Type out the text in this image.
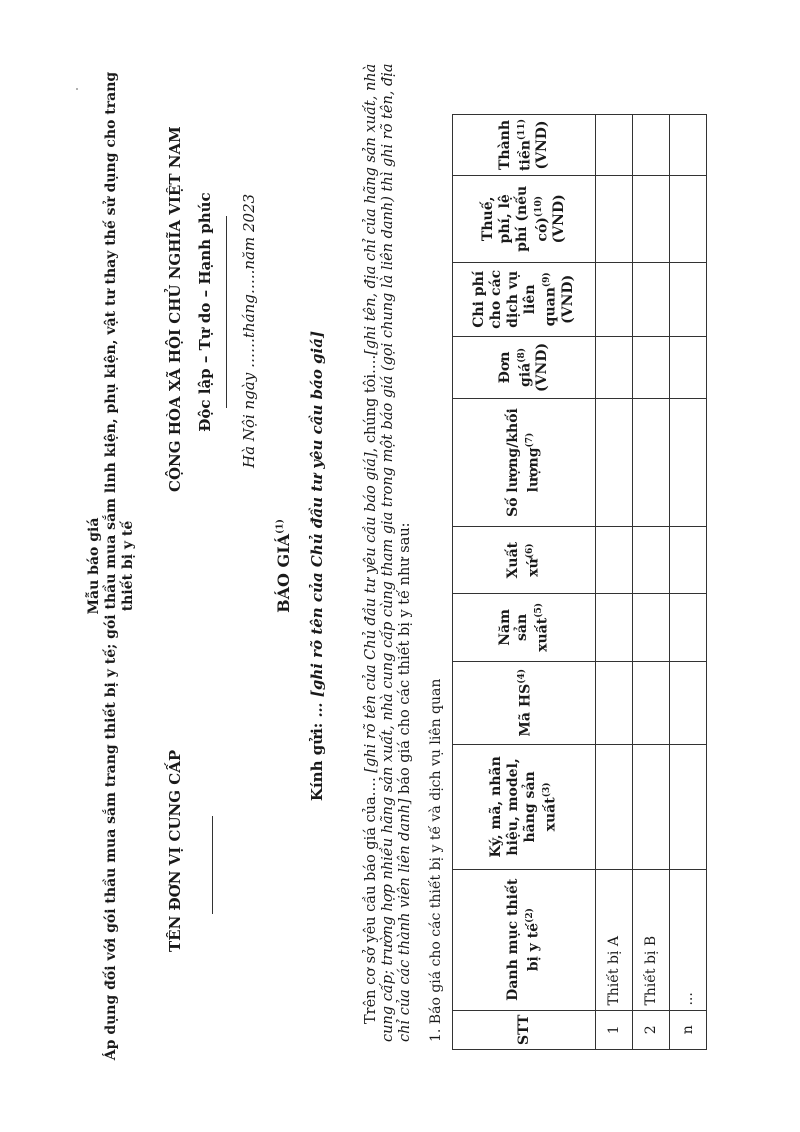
Mẫu báo giá Áp dụng đối với gói thầu mua sắm trang thiết bị y tế; gói thầu mua sắm linh kiện, phụ kiện, vật tư thay thế sử dụng cho trang thiết bị y tế
TÊN ĐƠN VỊ CUNG CẤP
CỘNG HÒA XÃ HỘI CHỦ NGHĨA VIỆT NAM Độc lập – Tự do – Hạnh phúc Hà Nội ngày ……tháng…..năm 2023
BÁO GIÁ$^{(1)}$
Kính gửi: … [ghi rõ tên của Chủ đầu tư yêu cầu báo giá]
Trên cơ sở yêu cầu báo giá của…. [ghi rõ tên của Chủ đầu tư yêu cầu báo giá], chúng tôi….[ghi tên, địa chỉ của hãng sản xuất, nhà cung cấp; trường hợp nhiều hãng sản xuất, nhà cung cấp cùng tham gia trong một báo giá (gọi chung là liên danh) thì ghi rõ tên, địa chỉ của các thành viên liên danh] báo giá cho các thiết bị y tế như sau:
1. Báo giá cho các thiết bị y tế và dịch vụ liên quan	STT	Danh mục thiết bị y tế$^{(2)}$	Ký, mã, nhãn hiệu, model, hãng sản xuất$^{(3)}$	Mã HS$^{(4)}$	Năm sản xuất$^{(5)}$	Xuất xứ$^{(6)}$	Số lượng/khối lượng$^{(7)}$	Đơn giá$^{(8)}$ (VND)	Chi phí cho các dịch vụ liên quan$^{(9)}$ (VND)	Thuế, phí, lệ phí (nếu có)$^{(10)}$ (VND)	Thành tiền$^{(11)}$ (VND)
1	Thiết bị A									
2	Thiết bị B									
n	...									
